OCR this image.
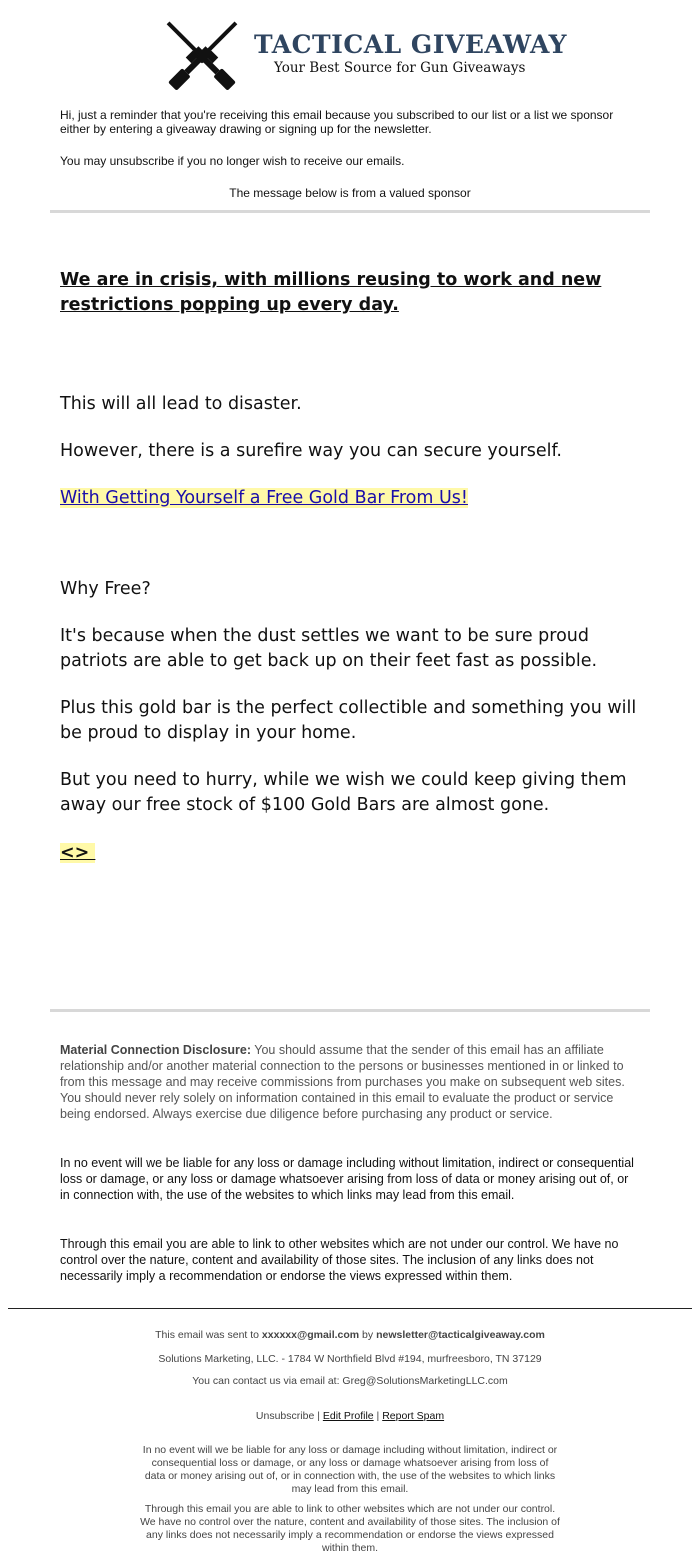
TACTICAL GIVEAWAY
Your Best Source for Gun Giveaways

Hi, just a reminder that you're receiving this email because you subscribed to our list or a list we sponsor either by entering a giveaway drawing or signing up for the newsletter.

You may unsubscribe if you no longer wish to receive our emails.

The message below is from a valued sponsor

We are in crisis, with millions reusing to work and new restrictions popping up every day.
This will all lead to disaster.
However, there is a surefire way you can secure yourself.
With Getting Yourself a Free Gold Bar From Us!
Why Free?
It's because when the dust settles we want to be sure proud patriots are able to get back up on their feet fast as possible.
Plus this gold bar is the perfect collectible and something you will be proud to display in your home.
But you need to hurry, while we wish we could keep giving them away our free stock of $100 Gold Bars are almost gone.
<>
Material Connection Disclosure: You should assume that the sender of this email has an affiliate relationship and/or another material connection to the persons or businesses mentioned in or linked to from this message and may receive commissions from purchases you make on subsequent web sites. You should never rely solely on information contained in this email to evaluate the product or service being endorsed. Always exercise due diligence before purchasing any product or service.
In no event will we be liable for any loss or damage including without limitation, indirect or consequential loss or damage, or any loss or damage whatsoever arising from loss of data or money arising out of, or in connection with, the use of the websites to which links may lead from this email.
Through this email you are able to link to other websites which are not under our control. We have no control over the nature, content and availability of those sites. The inclusion of any links does not necessarily imply a recommendation or endorse the views expressed within them.
This email was sent to xxxxxx@gmail.com by newsletter@tacticalgiveaway.com
Solutions Marketing, LLC. - 1784 W Northfield Blvd #194, murfreesboro, TN 37129
You can contact us via email at: Greg@SolutionsMarketingLLC.com
Unsubscribe | Edit Profile | Report Spam
In no event will we be liable for any loss or damage including without limitation, indirect or consequential loss or damage, or any loss or damage whatsoever arising from loss of data or money arising out of, or in connection with, the use of the websites to which links may lead from this email.
Through this email you are able to link to other websites which are not under our control. We have no control over the nature, content and availability of those sites. The inclusion of any links does not necessarily imply a recommendation or endorse the views expressed within them.
